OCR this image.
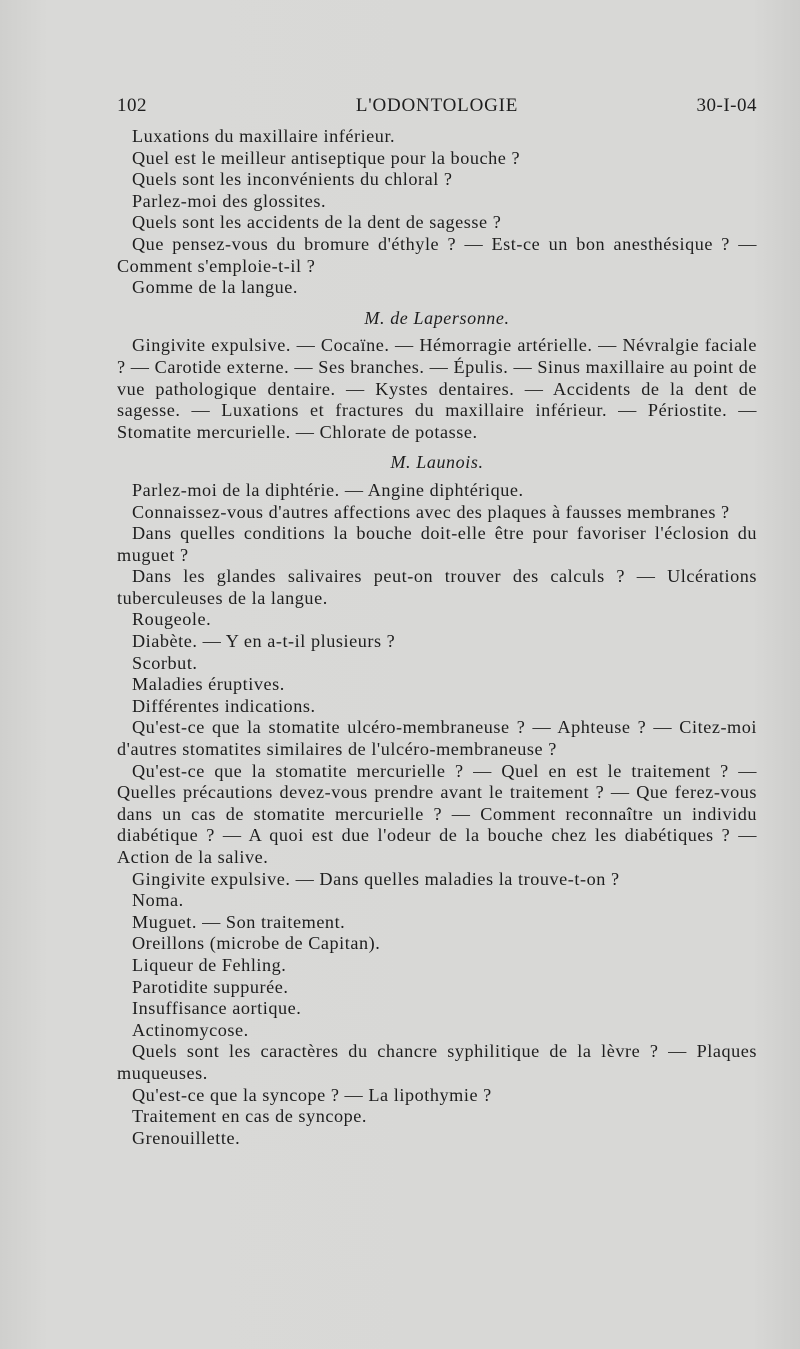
102	L'ODONTOLOGIE	30-I-04

Luxations du maxillaire inférieur.

Quel est le meilleur antiseptique pour la bouche ?

Quels sont les inconvénients du chloral ?

Parlez-moi des glossites.

Quels sont les accidents de la dent de sagesse ?

Que pensez-vous du bromure d'éthyle ? — Est-ce un bon anesthésique ? — Comment s'emploie-t-il ?

Gomme de la langue.

M. de Lapersonne.

Gingivite expulsive. — Cocaïne. — Hémorragie artérielle. — Névralgie faciale ? — Carotide externe. — Ses branches. — Épulis. — Sinus maxillaire au point de vue pathologique dentaire. — Kystes dentaires. — Accidents de la dent de sagesse. — Luxations et fractures du maxillaire inférieur. — Périostite. — Stomatite mercurielle. — Chlorate de potasse.

M. Launois.

Parlez-moi de la diphtérie. — Angine diphtérique.

Connaissez-vous d'autres affections avec des plaques à fausses membranes ?

Dans quelles conditions la bouche doit-elle être pour favoriser l'éclosion du muguet ?

Dans les glandes salivaires peut-on trouver des calculs ? — Ulcérations tuberculeuses de la langue.

Rougeole.

Diabète. — Y en a-t-il plusieurs ?

Scorbut.

Maladies éruptives.

Différentes indications.

Qu'est-ce que la stomatite ulcéro-membraneuse ? — Aphteuse ? — Citez-moi d'autres stomatites similaires de l'ulcéro-membraneuse ?

Qu'est-ce que la stomatite mercurielle ? — Quel en est le traitement ? — Quelles précautions devez-vous prendre avant le traitement ? — Que ferez-vous dans un cas de stomatite mercurielle ? — Comment reconnaître un individu diabétique ? — A quoi est due l'odeur de la bouche chez les diabétiques ? — Action de la salive.

Gingivite expulsive. — Dans quelles maladies la trouve-t-on ?

Noma.

Muguet. — Son traitement.

Oreillons (microbe de Capitan).

Liqueur de Fehling.

Parotidite suppurée.

Insuffisance aortique.

Actinomycose.

Quels sont les caractères du chancre syphilitique de la lèvre ? — Plaques muqueuses.

Qu'est-ce que la syncope ? — La lipothymie ?

Traitement en cas de syncope.

Grenouillette.
